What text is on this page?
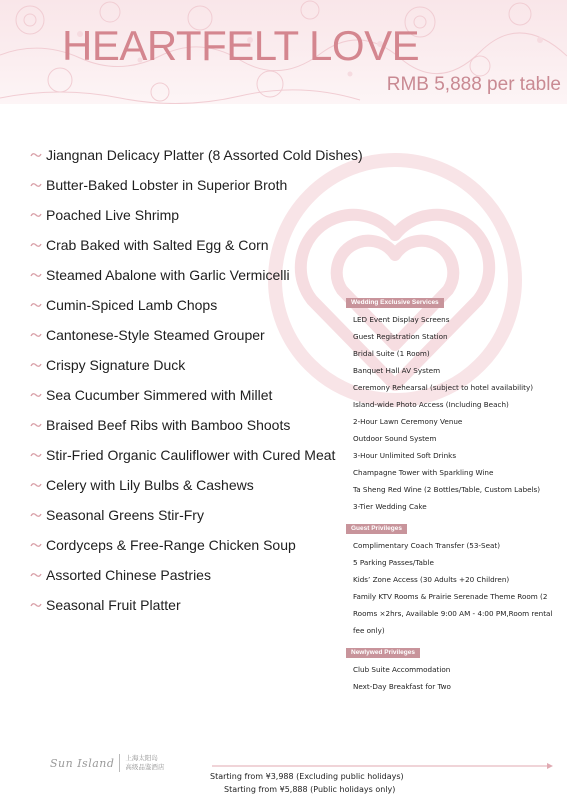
HEARTFELT LOVE
RMB 5,888 per table
Jiangnan Delicacy Platter (8 Assorted Cold Dishes)
Butter-Baked Lobster in Superior Broth
Poached Live Shrimp
Crab Baked with Salted Egg & Corn
Steamed Abalone with Garlic Vermicelli
Cumin-Spiced Lamb Chops
Cantonese-Style Steamed Grouper
Crispy Signature Duck
Sea Cucumber Simmered with Millet
Braised Beef Ribs with Bamboo Shoots
Stir-Fried Organic Cauliflower with Cured Meat
Celery with Lily Bulbs & Cashews
Seasonal Greens Stir-Fry
Cordyceps & Free-Range Chicken Soup
Assorted Chinese Pastries
Seasonal Fruit Platter
Wedding Exclusive Services
LED Event Display Screens
Guest Registration Station
Bridal Suite (1 Room)
Banquet Hall AV System
Ceremony Rehearsal (subject to hotel availability)
Island-wide Photo Access (Including Beach)
2-Hour Lawn Ceremony Venue
Outdoor Sound System
3-Hour Unlimited Soft Drinks
Champagne Tower with Sparkling Wine
Ta Sheng Red Wine (2 Bottles/Table, Custom Labels)
3-Tier Wedding Cake
Guest Privileges
Complimentary Coach Transfer (53-Seat)
5 Parking Passes/Table
Kids’ Zone Access (30 Adults +20 Children)
Family KTV Rooms & Prairie Serenade Theme Room (2 Rooms ×2hrs, Available 9:00 AM - 4:00 PM,Room rental fee only)
Newlywed Privileges
Club Suite Accommodation
Next-Day Breakfast for Two
Sun Island 上海太阳岛
高级品鉴酒店
Starting from ¥3,988 (Excluding public holidays)
Starting from ¥5,888 (Public holidays only)
